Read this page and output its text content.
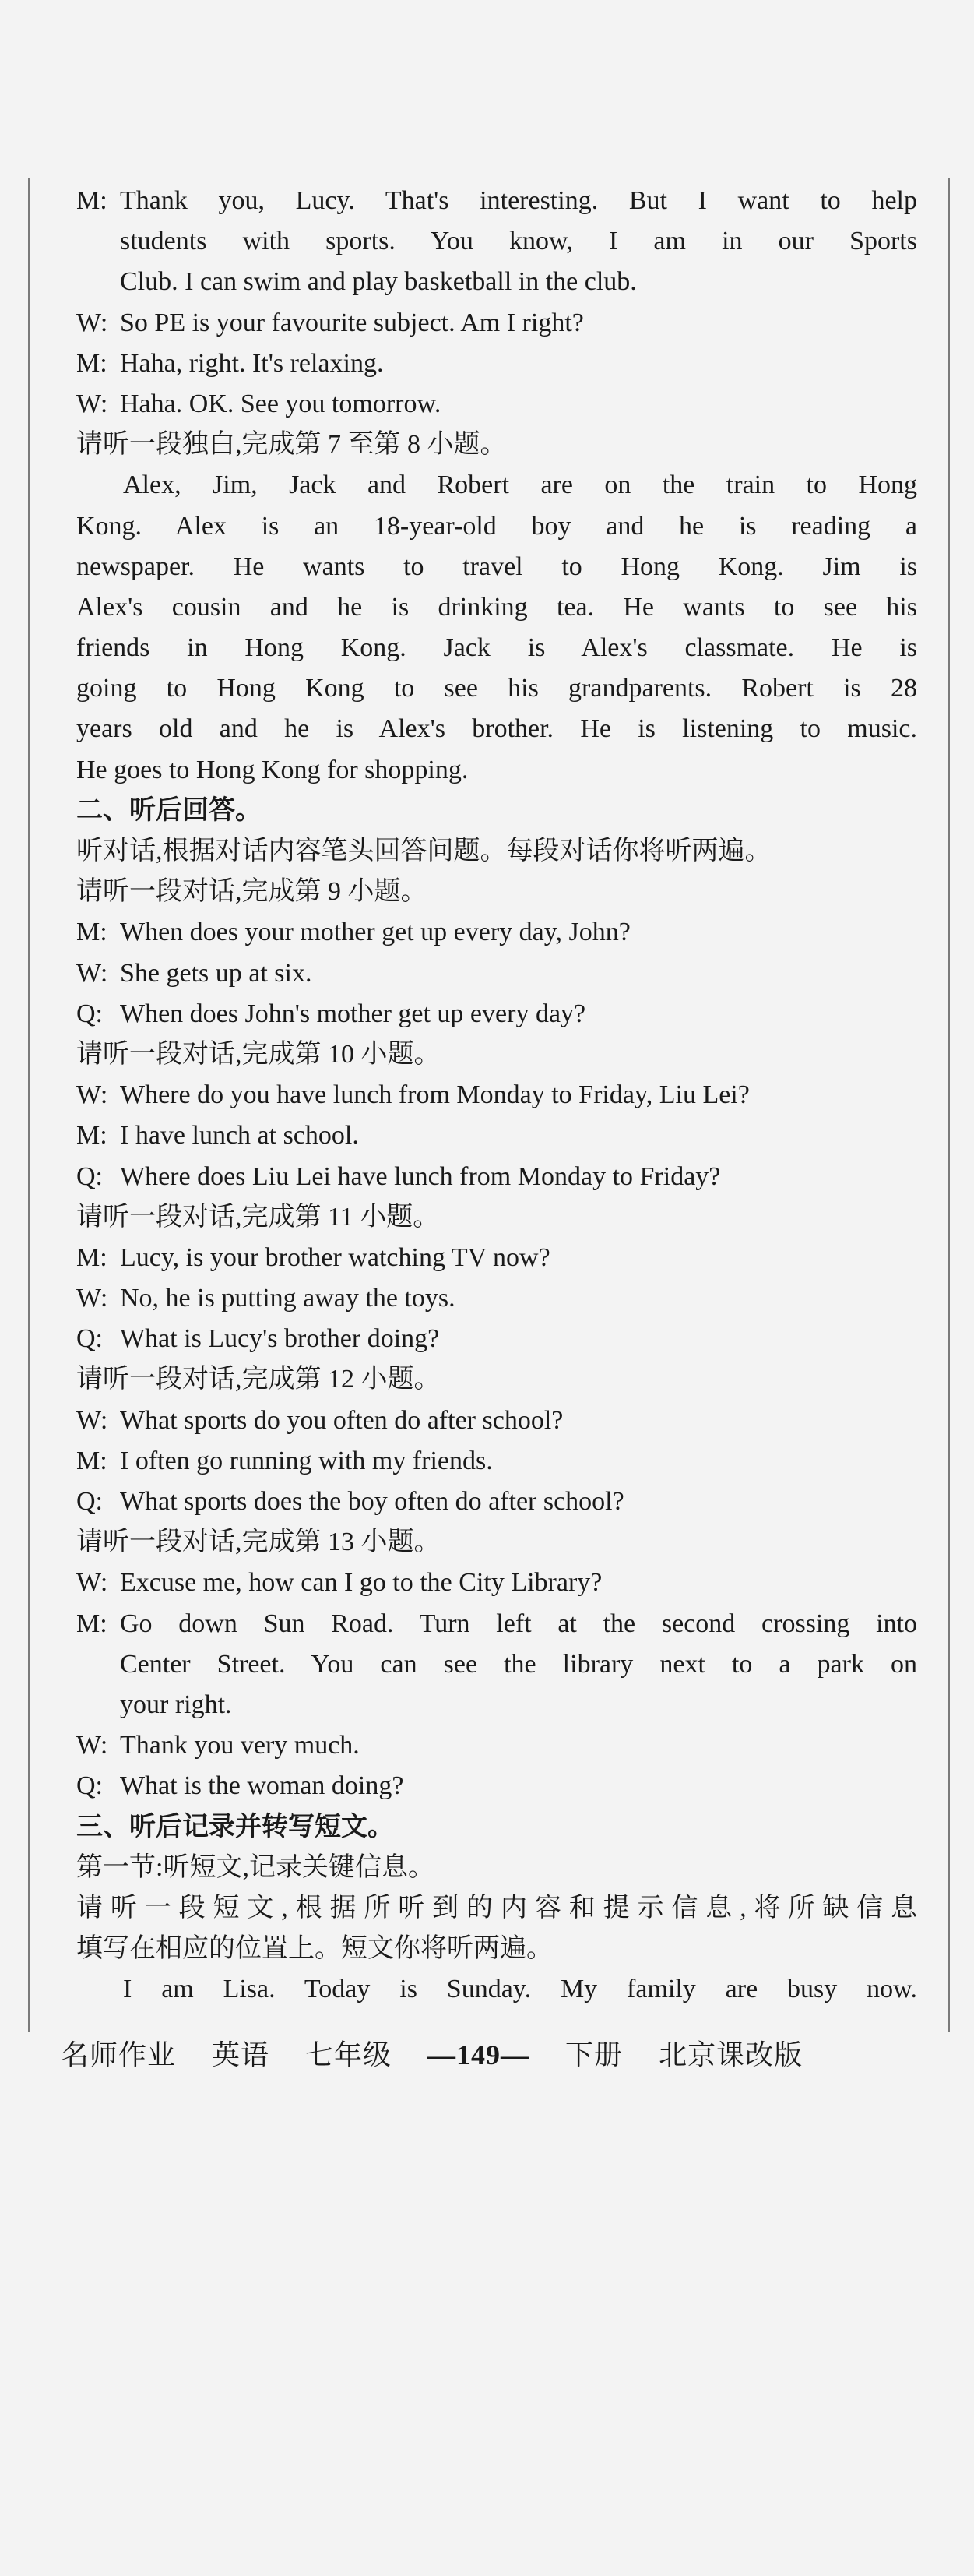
M: Thank you, Lucy. That's interesting. But I want to help
students with sports. You know, I am in our Sports
Club. I can swim and play basketball in the club.
W: So PE is your favourite subject. Am I right?
M: Haha, right. It's relaxing.
W: Haha. OK. See you tomorrow.
请听一段独白,完成第 7 至第 8 小题。
Alex, Jim, Jack and Robert are on the train to Hong
Kong. Alex is an 18-year-old boy and he is reading a
newspaper. He wants to travel to Hong Kong. Jim is
Alex's cousin and he is drinking tea. He wants to see his
friends in Hong Kong. Jack is Alex's classmate. He is
going to Hong Kong to see his grandparents. Robert is 28
years old and he is Alex's brother. He is listening to music.
He goes to Hong Kong for shopping.
二、听后回答。
听对话,根据对话内容笔头回答问题。每段对话你将听两遍。
请听一段对话,完成第 9 小题。
M: When does your mother get up every day, John?
W: She gets up at six.
Q: When does John's mother get up every day?
请听一段对话,完成第 10 小题。
W: Where do you have lunch from Monday to Friday, Liu Lei?
M: I have lunch at school.
Q: Where does Liu Lei have lunch from Monday to Friday?
请听一段对话,完成第 11 小题。
M: Lucy, is your brother watching TV now?
W: No, he is putting away the toys.
Q: What is Lucy's brother doing?
请听一段对话,完成第 12 小题。
W: What sports do you often do after school?
M: I often go running with my friends.
Q: What sports does the boy often do after school?
请听一段对话,完成第 13 小题。
W: Excuse me, how can I go to the City Library?
M: Go down Sun Road. Turn left at the second crossing into
Center Street. You can see the library next to a park on
your right.
W: Thank you very much.
Q: What is the woman doing?
三、听后记录并转写短文。
第一节:听短文,记录关键信息。
请听一段短文,根据所听到的内容和提示信息,将所缺信息
填写在相应的位置上。短文你将听两遍。
I am Lisa. Today is Sunday. My family are busy now.
名师作业 英语 七年级 —149— 下册 北京课改版
